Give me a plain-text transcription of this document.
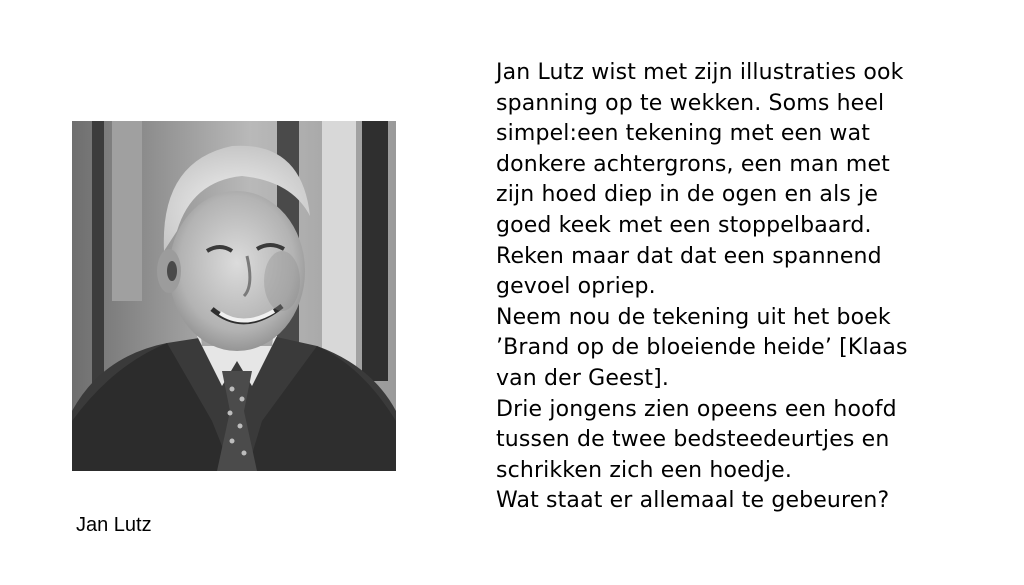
Jan Lutz
Jan Lutz wist met zijn illustraties ook
spanning op te wekken. Soms heel
simpel:een tekening met een wat
donkere achtergrons, een man met
zijn hoed diep in de ogen en als je
goed keek met een stoppelbaard.
Reken maar dat dat een spannend
gevoel opriep.
Neem nou de tekening uit het boek
’Brand op de bloeiende heide’ [Klaas
van der Geest].
Drie jongens zien opeens een hoofd
tussen de twee bedsteedeurtjes en
schrikken zich een hoedje.
Wat staat er allemaal te gebeuren?
